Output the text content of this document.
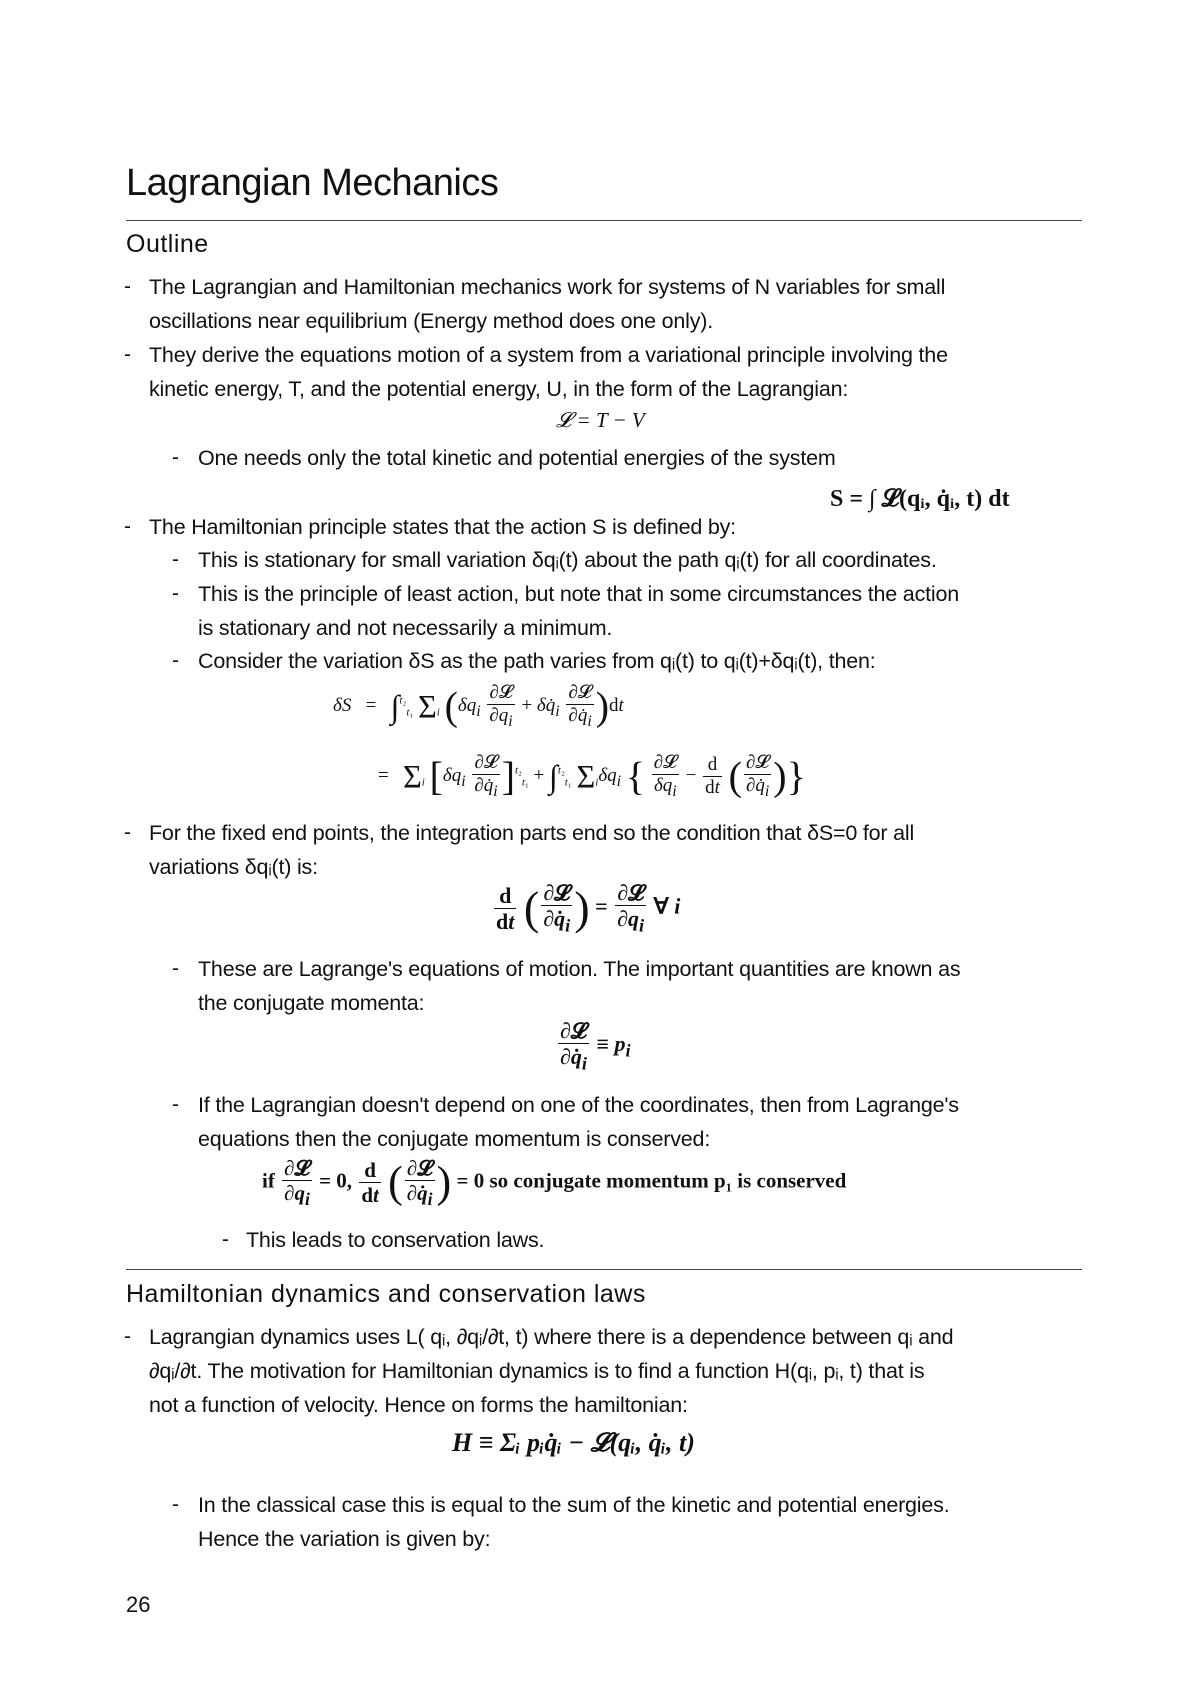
Lagrangian Mechanics
Outline
- The Lagrangian and Hamiltonian mechanics work for systems of N variables for small
oscillations near equilibrium (Energy method does one only).
- They derive the equations motion of a system from a variational principle involving the
kinetic energy, T, and the potential energy, U, in the form of the Lagrangian:
𝓛 = T − V
- One needs only the total kinetic and potential energies of the system
S = ∫ 𝓛(qᵢ, q̇ᵢ, t) dt
- The Hamiltonian principle states that the action S is defined by:
- This is stationary for small variation δqᵢ(t) about the path qᵢ(t) for all coordinates.
- This is the principle of least action, but note that in some circumstances the action
is stationary and not necessarily a minimum.
- Consider the variation δS as the path varies from qᵢ(t) to qᵢ(t)+δqᵢ(t), then:
δS   =   ∫$^{t_2}_{t_1}$ $\Sigma_i$ ($\delta q_i \frac{\text{∂𝓛}}{\partial q_i}$ + $\delta q̇_i \frac{\text{∂𝓛}}{\partial q̇_i} )dt$
=   $\Sigma_i$ $[\delta q_i \frac{\text{∂𝓛}}{\partial q̇_i} ]^{t_2}_{t_1} + \int^{t_2}_{t_1}$ $\Sigma_i\delta q_i$ { $\frac{\text{∂𝓛}}{\delta q_i} - \frac{d}{dt}$ ( $\frac{\text{∂𝓛}}{\partial q̇_i}$ )}
- For the fixed end points, the integration parts end so the condition that δS=0 for all
variations δqᵢ(t) is:
$\frac{d}{dt}$ ( $\frac{\text{∂𝓛}}{\partial q̇_i}$ ) = $\frac{\text{∂𝓛}}{\partial q_i}$ ∀ i
- These are Lagrange's equations of motion. The important quantities are known as
the conjugate momenta:
$\frac{\text{∂𝓛}}{\partial q̇_i} \equiv p_i$
- If the Lagrangian doesn't depend on one of the coordinates, then from Lagrange's
equations then the conjugate momentum is conserved:
if $\frac{\text{∂𝓛}}{\partial q_i} = 0$, $\frac{d}{dt}$ ( $\frac{\text{∂𝓛}}{\partial q̇_i}$ ) = 0 so conjugate momentum p₁ is conserved
- This leads to conservation laws.
Hamiltonian dynamics and conservation laws
- Lagrangian dynamics uses L( qᵢ, ∂qᵢ/∂t, t) where there is a dependence between qᵢ and
∂qᵢ/∂t. The motivation for Hamiltonian dynamics is to find a function H(qᵢ, pᵢ, t) that is
not a function of velocity. Hence on forms the hamiltonian:
H ≡ Σᵢ pᵢq̇ᵢ − 𝓛(qᵢ, q̇ᵢ, t)
- In the classical case this is equal to the sum of the kinetic and potential energies.
Hence the variation is given by:
26
